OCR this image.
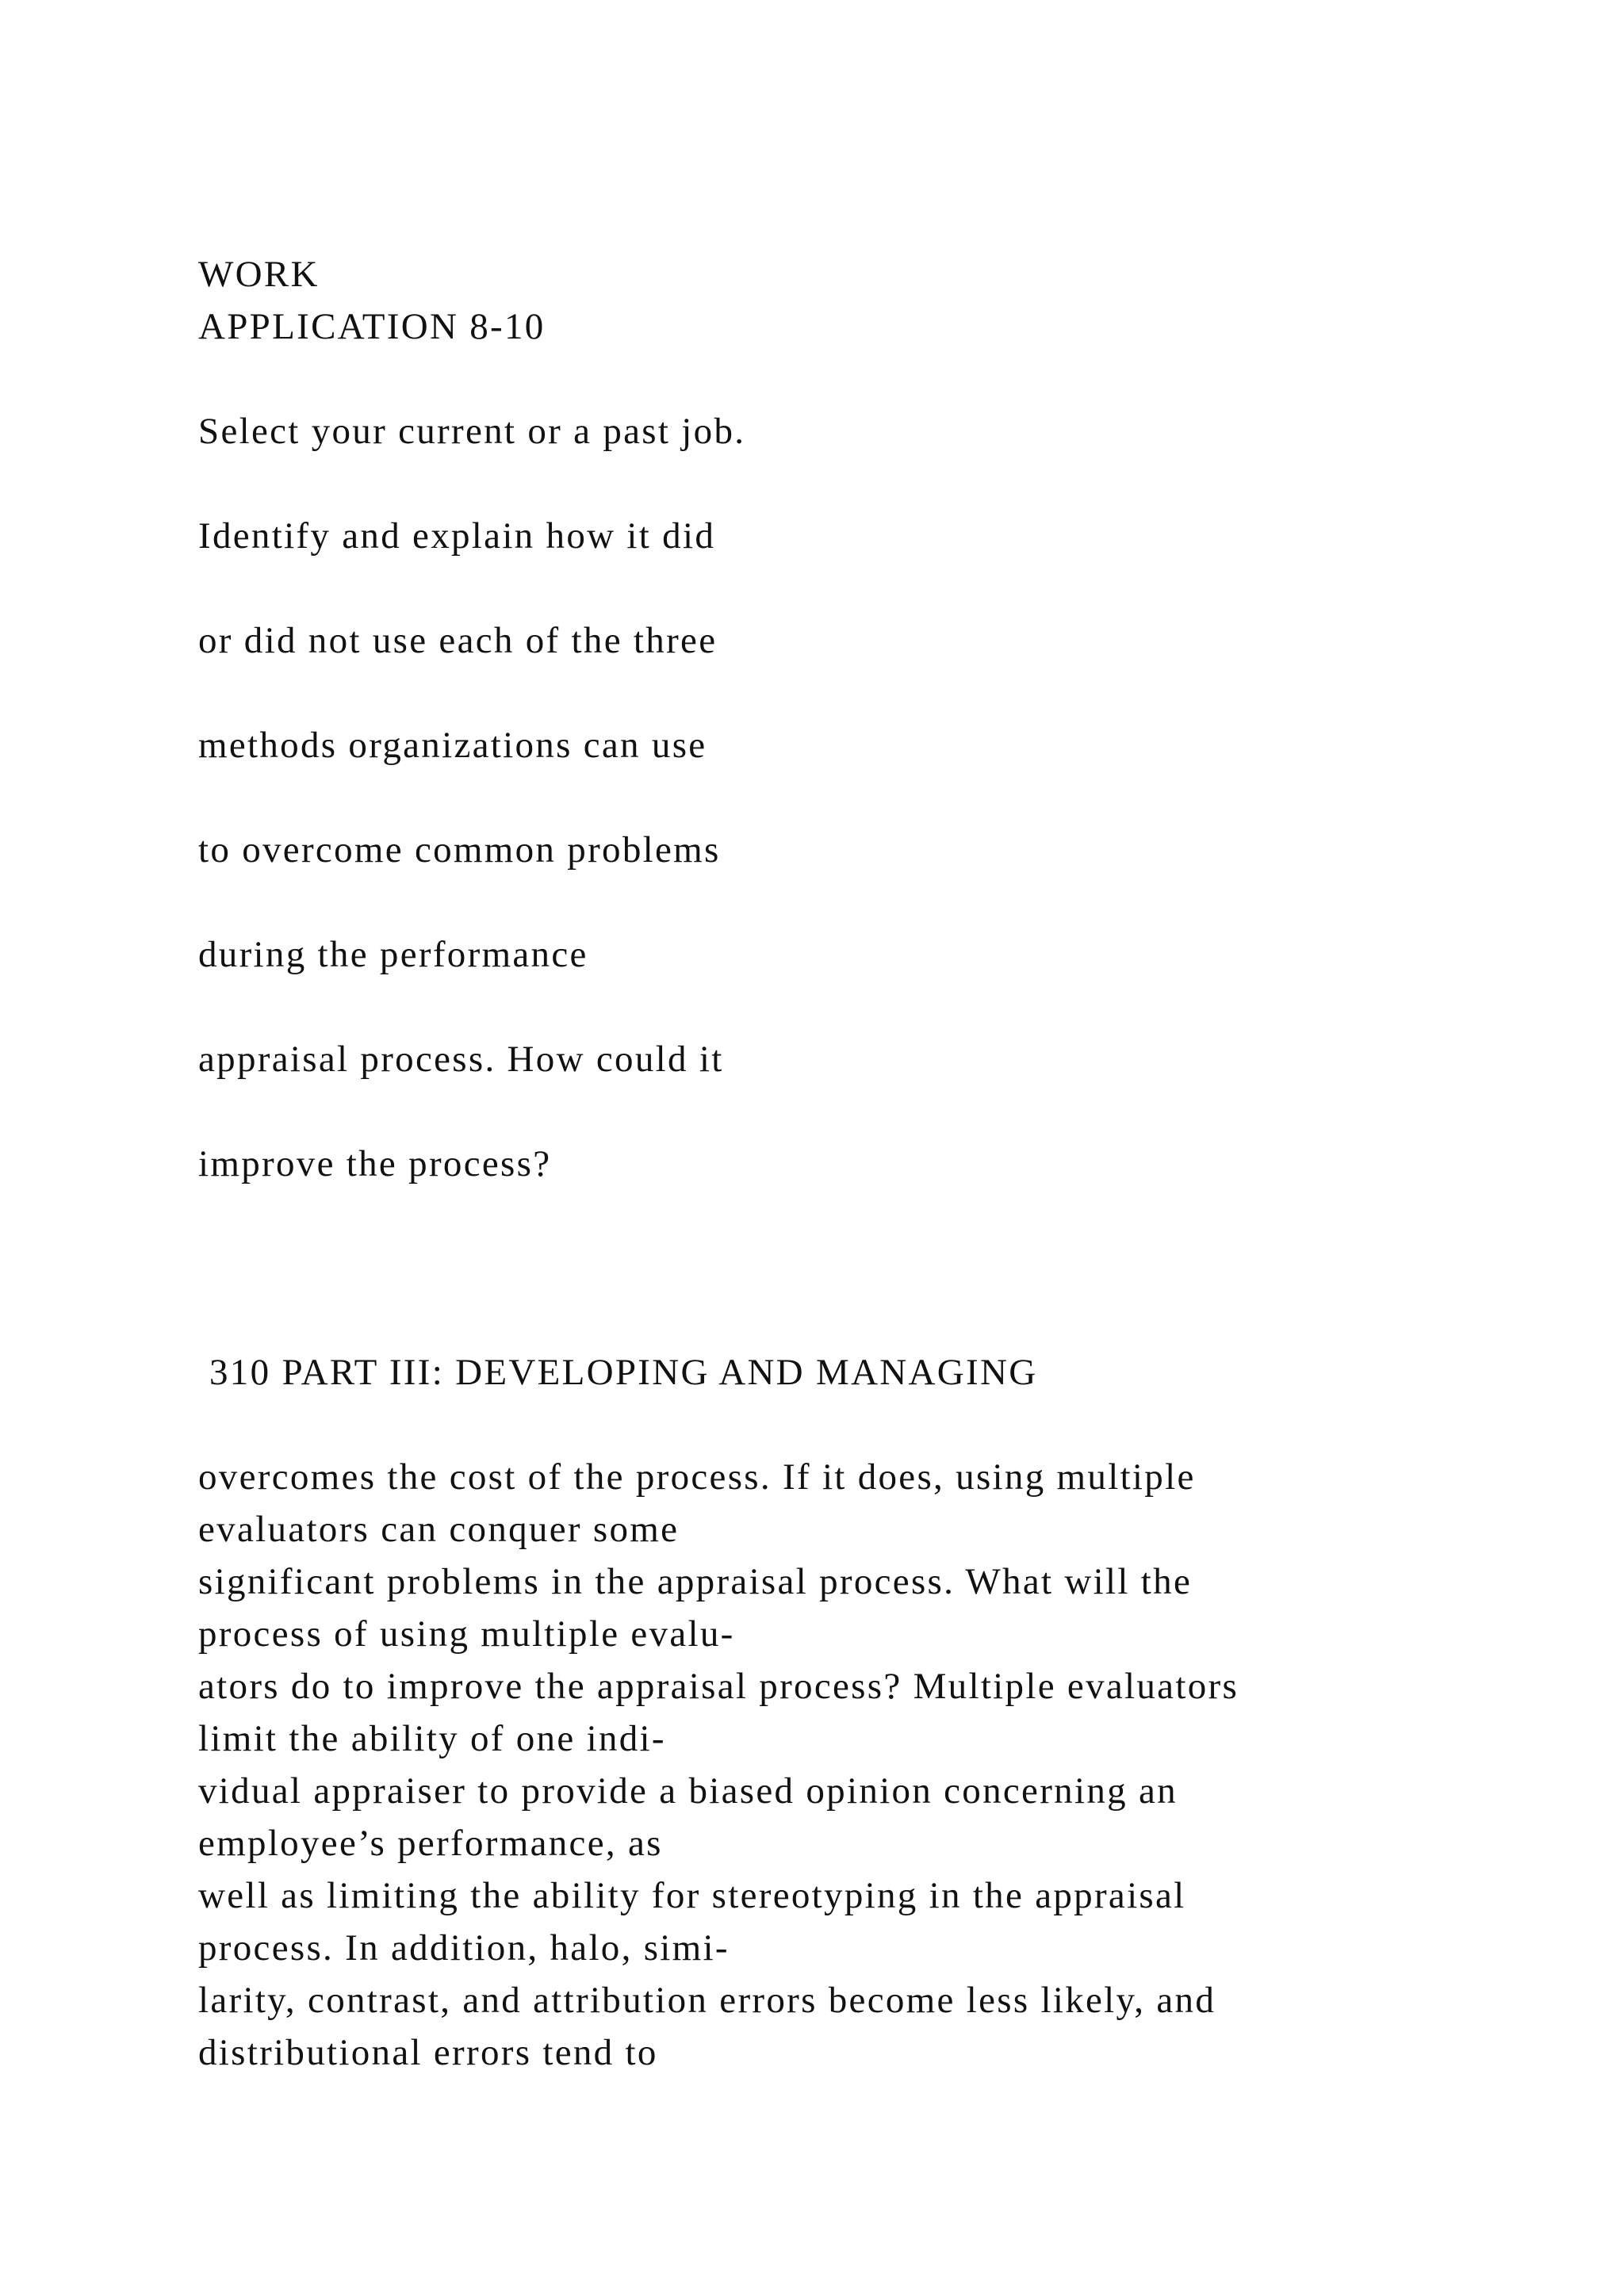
WORK

APPLICATION 8-10

Select your current or a past job.

Identify and explain how it did

or did not use each of the three

methods organizations can use

to overcome common problems

during the performance

appraisal process. How could it

improve the process?

310 PART III: DEVELOPING AND MANAGING

overcomes the cost of the process. If it does, using multiple

evaluators can conquer some

significant problems in the appraisal process. What will the

process of using multiple evalu-

ators do to improve the appraisal process? Multiple evaluators

limit the ability of one indi-

vidual appraiser to provide a biased opinion concerning an

employee’s performance, as

well as limiting the ability for stereotyping in the appraisal

process. In addition, halo, simi-

larity, contrast, and attribution errors become less likely, and

distributional errors tend to
